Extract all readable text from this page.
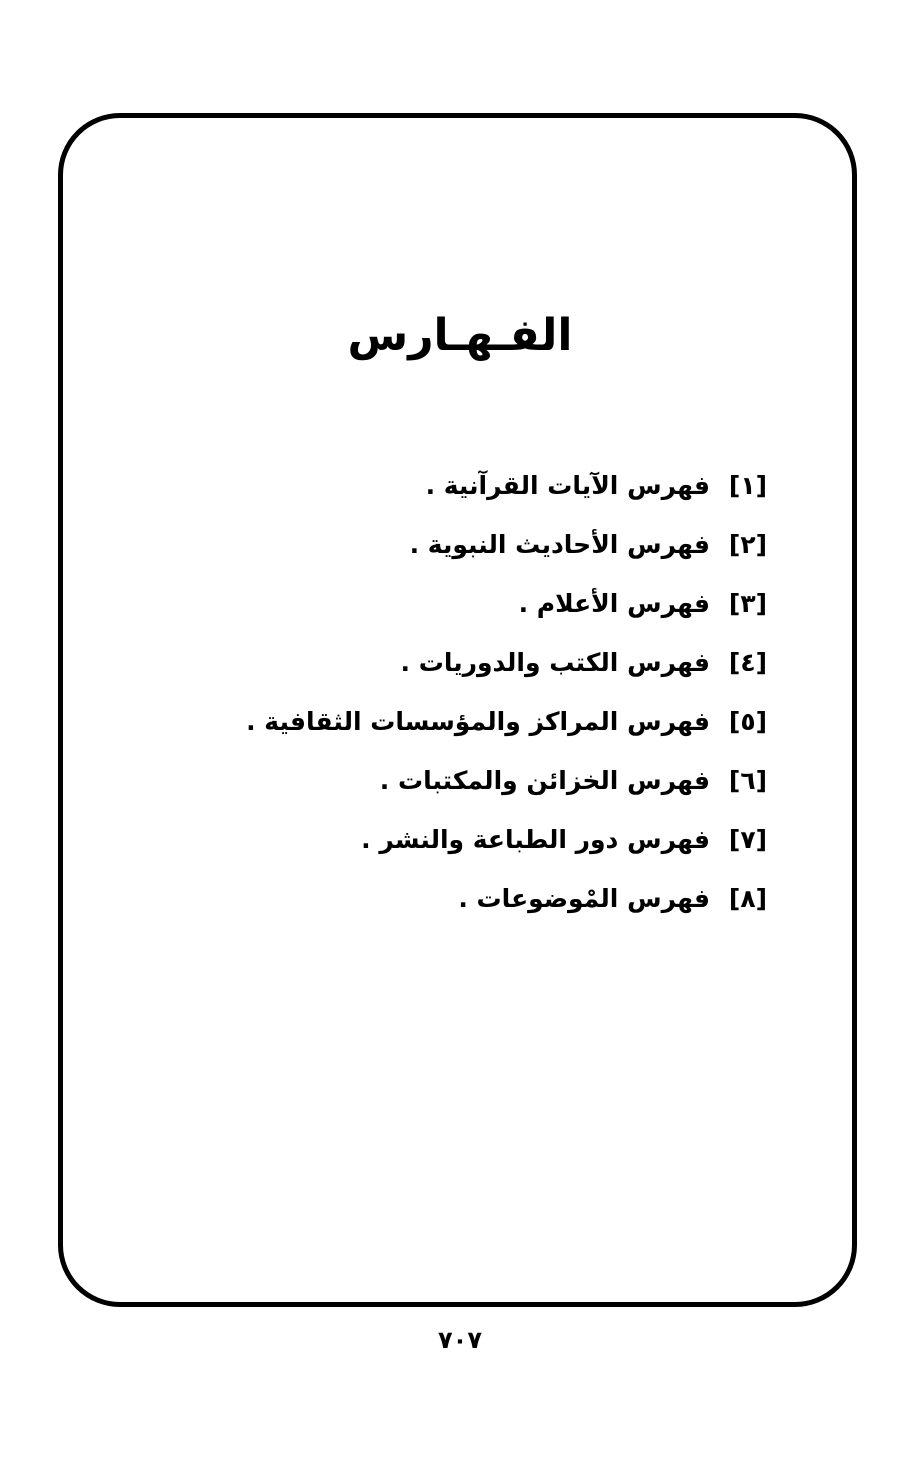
الفـهـارس
[١]فهرس الآيات القرآنية .
[٢]فهرس الأحاديث النبوية .
[٣]فهرس الأعلام .
[٤]فهرس الكتب والدوريات .
[٥]فهرس المراكز والمؤسسات الثقافية .
[٦]فهرس الخزائن والمكتبات .
[٧]فهرس دور الطباعة والنشر .
[٨]فهرس المْوضوعات .
٧٠٧
